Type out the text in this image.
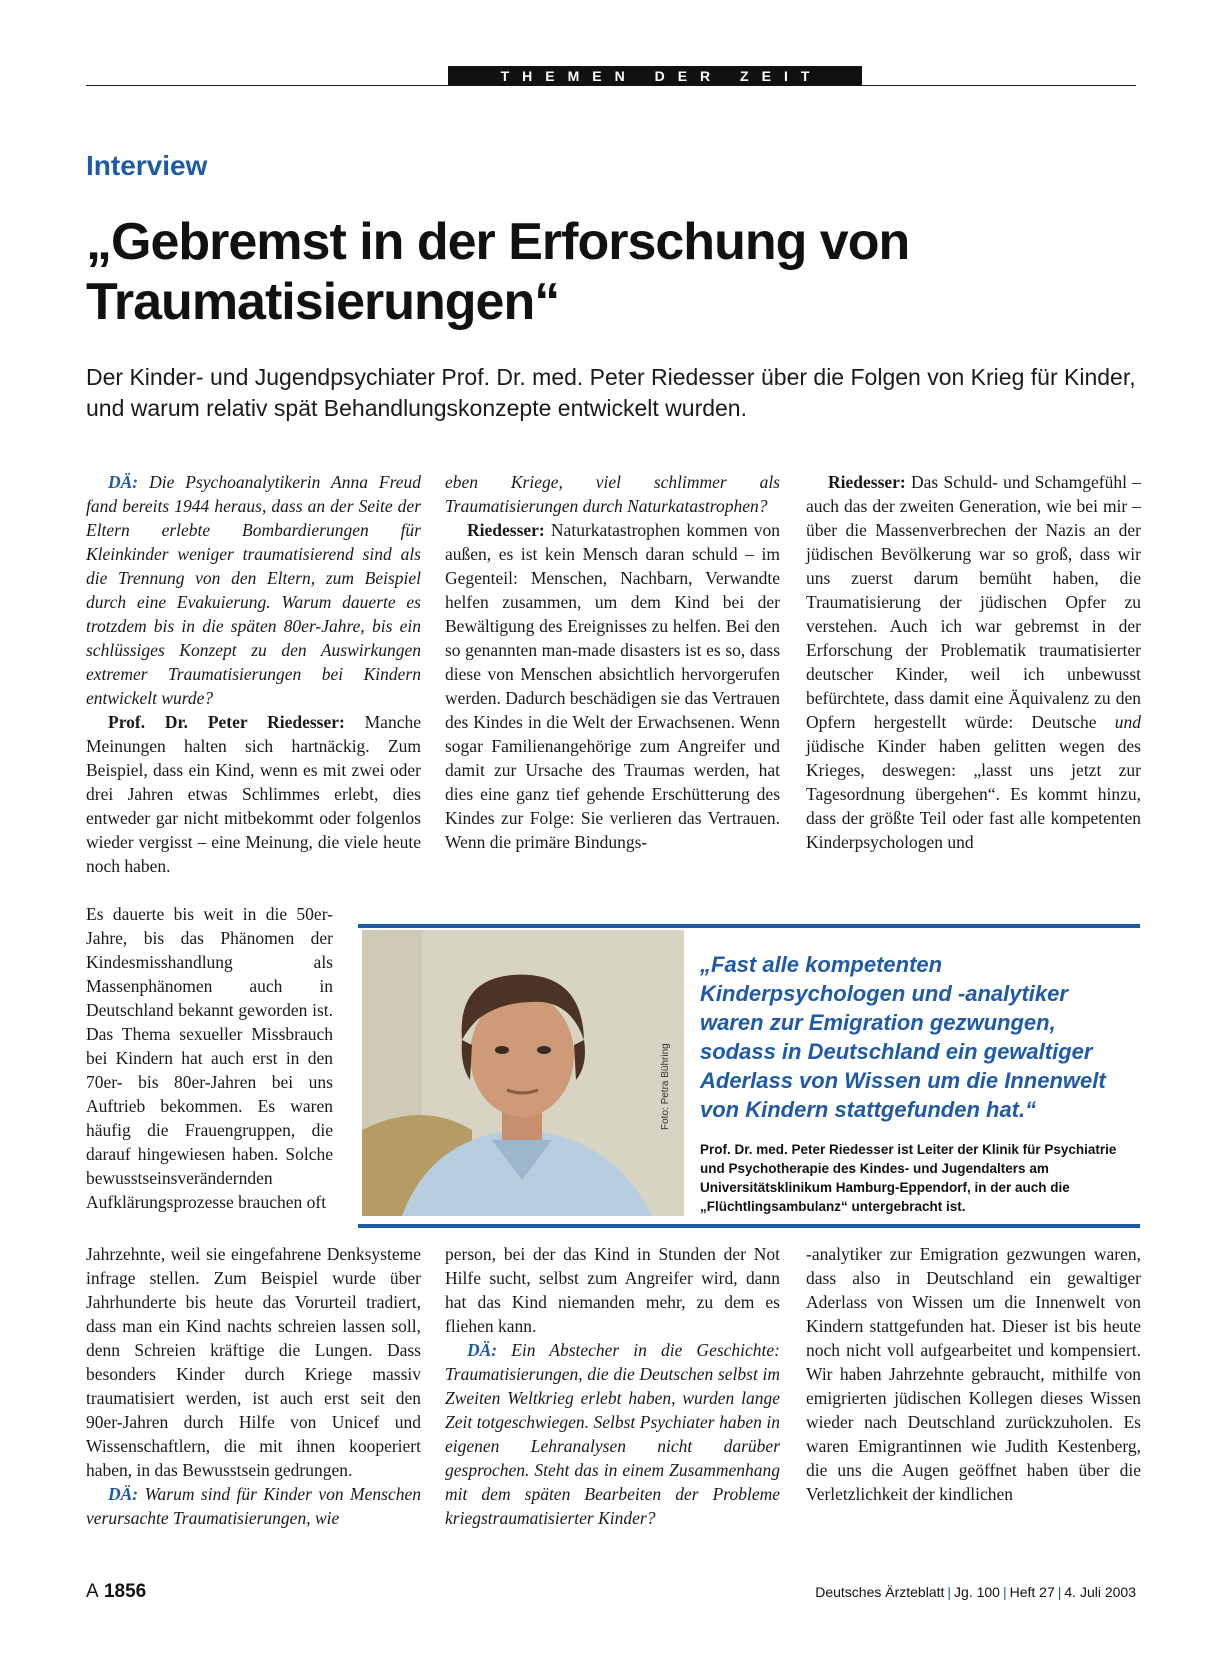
THEMEN DER ZEIT
Interview
„Gebremst in der Erforschung von Traumatisierungen“
Der Kinder- und Jugendpsychiater Prof. Dr. med. Peter Riedesser über die Folgen von Krieg für Kinder, und warum relativ spät Behandlungskonzepte entwickelt wurden.

DÄ: Die Psychoanalytikerin Anna Freud fand bereits 1944 heraus, dass an der Seite der Eltern erlebte Bombardierungen für Kleinkinder weniger traumatisierend sind als die Trennung von den Eltern, zum Beispiel durch eine Evakuierung. Warum dauerte es trotzdem bis in die späten 80er-Jahre, bis ein schlüssiges Konzept zu den Auswirkungen extremer Traumatisierungen bei Kindern entwickelt wurde?

Prof. Dr. Peter Riedesser: Manche Meinungen halten sich hartnäckig. Zum Beispiel, dass ein Kind, wenn es mit zwei oder drei Jahren etwas Schlimmes erlebt, dies entweder gar nicht mitbekommt oder folgenlos wieder vergisst – eine Meinung, die viele heute noch haben.

Es dauerte bis weit in die 50er-Jahre, bis das Phänomen der Kindesmisshandlung als Massenphänomen auch in Deutschland bekannt geworden ist. Das Thema sexueller Missbrauch bei Kindern hat auch erst in den 70er- bis 80er-Jahren bei uns Auftrieb bekommen. Es waren häufig die Frauengruppen, die darauf hingewiesen haben. Solche bewusstseinsverändernden Aufklärungsprozesse brauchen oft

eben Kriege, viel schlimmer als Traumatisierungen durch Naturkatastrophen?

Riedesser: Naturkatastrophen kommen von außen, es ist kein Mensch daran schuld – im Gegenteil: Menschen, Nachbarn, Verwandte helfen zusammen, um dem Kind bei der Bewältigung des Ereignisses zu helfen. Bei den so genannten man-made disasters ist es so, dass diese von Menschen absichtlich hervorgerufen werden. Dadurch beschädigen sie das Vertrauen des Kindes in die Welt der Erwachsenen. Wenn sogar Familienangehörige zum Angreifer und damit zur Ursache des Traumas werden, hat dies eine ganz tief gehende Erschütterung des Kindes zur Folge: Sie verlieren das Vertrauen. Wenn die primäre Bindungs-

Riedesser: Das Schuld- und Schamgefühl – auch das der zweiten Generation, wie bei mir – über die Massenverbrechen der Nazis an der jüdischen Bevölkerung war so groß, dass wir uns zuerst darum bemüht haben, die Traumatisierung der jüdischen Opfer zu verstehen. Auch ich war gebremst in der Erforschung der Problematik traumatisierter deutscher Kinder, weil ich unbewusst befürchtete, dass damit eine Äquivalenz zu den Opfern hergestellt würde: Deutsche und jüdische Kinder haben gelitten wegen des Krieges, deswegen: „lasst uns jetzt zur Tagesordnung übergehen“. Es kommt hinzu, dass der größte Teil oder fast alle kompetenten Kinderpsychologen und

Foto: Petra Bühring
„Fast alle kompetenten Kinderpsychologen und -analytiker waren zur Emigration gezwungen, sodass in Deutschland ein gewaltiger Aderlass von Wissen um die Innenwelt von Kindern stattgefunden hat.“
Prof. Dr. med. Peter Riedesser ist Leiter der Klinik für Psychiatrie und Psychotherapie des Kindes- und Jugendalters am Universitätsklinikum Hamburg-Eppendorf, in der auch die „Flüchtlingsambulanz“ untergebracht ist.

Jahrzehnte, weil sie eingefahrene Denksysteme infrage stellen. Zum Beispiel wurde über Jahrhunderte bis heute das Vorurteil tradiert, dass man ein Kind nachts schreien lassen soll, denn Schreien kräftige die Lungen. Dass besonders Kinder durch Kriege massiv traumatisiert werden, ist auch erst seit den 90er-Jahren durch Hilfe von Unicef und Wissenschaftlern, die mit ihnen kooperiert haben, in das Bewusstsein gedrungen.

DÄ: Warum sind für Kinder von Menschen verursachte Traumatisierungen, wie

person, bei der das Kind in Stunden der Not Hilfe sucht, selbst zum Angreifer wird, dann hat das Kind niemanden mehr, zu dem es fliehen kann.

DÄ: Ein Abstecher in die Geschichte: Traumatisierungen, die die Deutschen selbst im Zweiten Weltkrieg erlebt haben, wurden lange Zeit totgeschwiegen. Selbst Psychiater haben in eigenen Lehranalysen nicht darüber gesprochen. Steht das in einem Zusammenhang mit dem späten Bearbeiten der Probleme kriegstraumatisierter Kinder?

-analytiker zur Emigration gezwungen waren, dass also in Deutschland ein gewaltiger Aderlass von Wissen um die Innenwelt von Kindern stattgefunden hat. Dieser ist bis heute noch nicht voll aufgearbeitet und kompensiert. Wir haben Jahrzehnte gebraucht, mithilfe von emigrierten jüdischen Kollegen dieses Wissen wieder nach Deutschland zurückzuholen. Es waren Emigrantinnen wie Judith Kestenberg, die uns die Augen geöffnet haben über die Verletzlichkeit der kindlichen

A 1856	Deutsches Ärzteblatt | Jg. 100 | Heft 27 | 4. Juli 2003
